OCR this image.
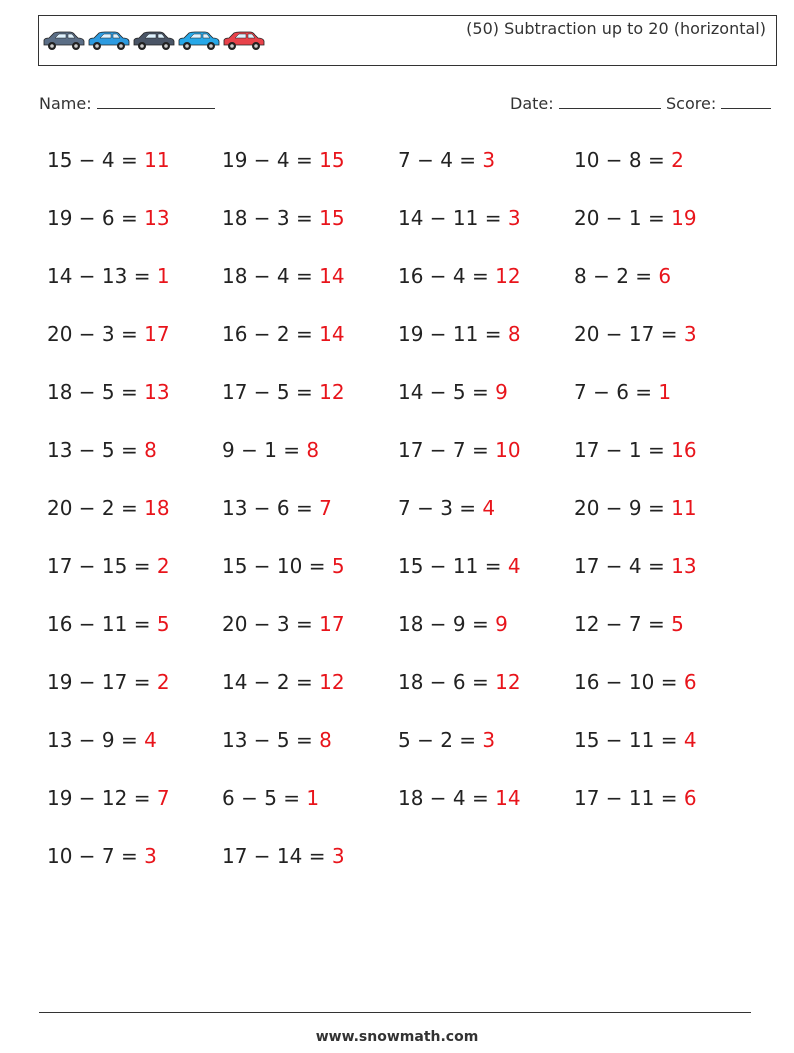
(50) Subtraction up to 20 (horizontal)
Name:	Date:	Score:
15 − 4 = 11	19 − 4 = 15	7 − 4 = 3	10 − 8 = 2
19 − 6 = 13	18 − 3 = 15	14 − 11 = 3	20 − 1 = 19
14 − 13 = 1	18 − 4 = 14	16 − 4 = 12	8 − 2 = 6
20 − 3 = 17	16 − 2 = 14	19 − 11 = 8	20 − 17 = 3
18 − 5 = 13	17 − 5 = 12	14 − 5 = 9	7 − 6 = 1
13 − 5 = 8	9 − 1 = 8	17 − 7 = 10	17 − 1 = 16
20 − 2 = 18	13 − 6 = 7	7 − 3 = 4	20 − 9 = 11
17 − 15 = 2	15 − 10 = 5	15 − 11 = 4	17 − 4 = 13
16 − 11 = 5	20 − 3 = 17	18 − 9 = 9	12 − 7 = 5
19 − 17 = 2	14 − 2 = 12	18 − 6 = 12	16 − 10 = 6
13 − 9 = 4	13 − 5 = 8	5 − 2 = 3	15 − 11 = 4
19 − 12 = 7	6 − 5 = 1	18 − 4 = 14	17 − 11 = 6
10 − 7 = 3	17 − 14 = 3
www.snowmath.com
